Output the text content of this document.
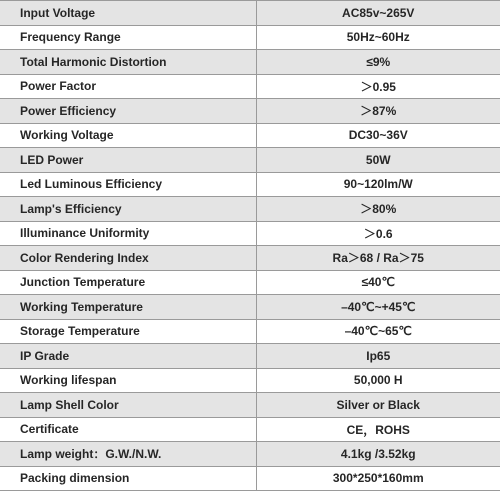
Input Voltage	AC85v~265V
Frequency Range	50Hz~60Hz
Total Harmonic Distortion	≤9%
Power Factor	＞0.95
Power Efficiency	＞87%
Working Voltage	DC30~36V
LED Power	50W
Led Luminous Efficiency	90~120lm/W
Lamp's Efficiency	＞80%
Illuminance Uniformity	＞0.6
Color Rendering Index	Ra＞68 / Ra＞75
Junction Temperature	≤40℃
Working Temperature	–40℃~+45℃
Storage Temperature	–40℃~65℃
IP Grade	Ip65
Working lifespan	50,000 H
Lamp Shell Color	Silver or Black
Certificate	CE，ROHS
Lamp weight：G.W./N.W.	4.1kg /3.52kg
Packing dimension	300*250*160mm
